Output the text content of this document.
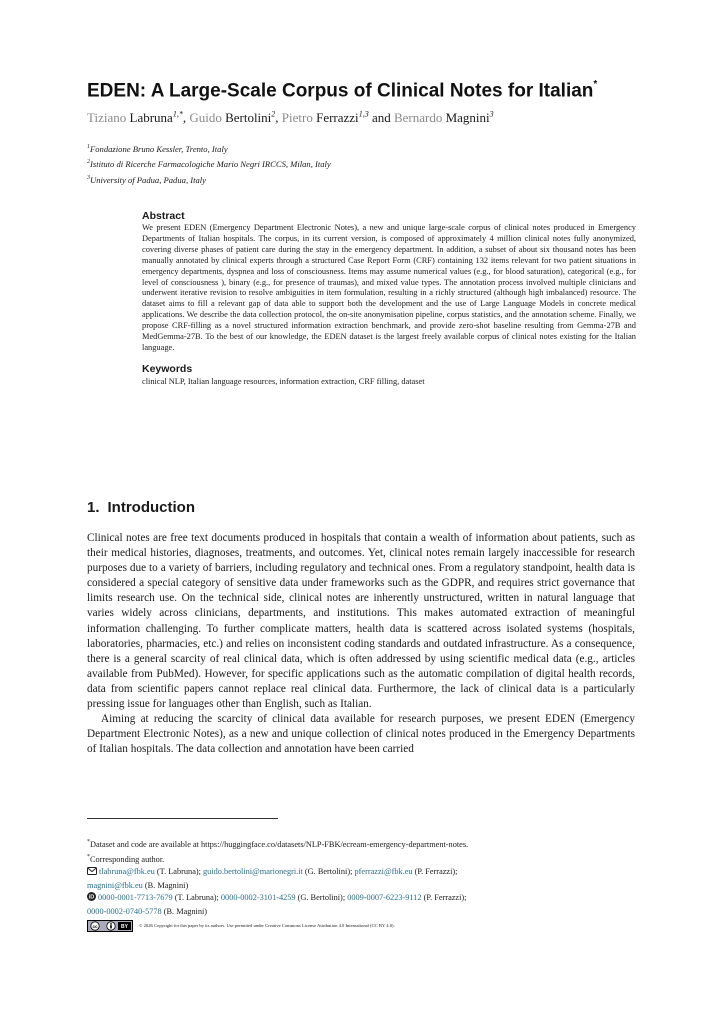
EDEN: A Large-Scale Corpus of Clinical Notes for Italian*
Tiziano Labruna$^{1,*}$, Guido Bertolini$^2$, Pietro Ferrazzi$^{1,3}$ and Bernardo Magnini$^3$
$^1$Fondazione Bruno Kessler, Trento, Italy
$^2$Istituto di Ricerche Farmacologiche Mario Negri IRCCS, Milan, Italy
$^3$University of Padua, Padua, Italy
Abstract
We present EDEN (Emergency Department Electronic Notes), a new and unique large-scale corpus of clinical notes produced in Emergency Departments of Italian hospitals. The corpus, in its current version, is composed of approximately 4 million clinical notes fully anonymized, covering diverse phases of patient care during the stay in the emergency department. In addition, a subset of about six thousand notes has been manually annotated by clinical experts through a structured Case Report Form (CRF) containing 132 items relevant for two patient situations in emergency departments, dyspnea and loss of consciousness. Items may assume numerical values (e.g., for blood saturation), categorical (e.g., for level of consciousness ), binary (e.g., for presence of traumas), and mixed value types. The annotation process involved multiple clinicians and underwent iterative revision to resolve ambiguities in item formulation, resulting in a richly structured (although high imbalanced) resource. The dataset aims to fill a relevant gap of data able to support both the development and the use of Large Language Models in concrete medical applications. We describe the data collection protocol, the on-site anonymisation pipeline, corpus statistics, and the annotation scheme. Finally, we propose CRF-filling as a novel structured information extraction benchmark, and provide zero-shot baseline resulting from Gemma-27B and MedGemma-27B. To the best of our knowledge, the EDEN dataset is the largest freely available corpus of clinical notes existing for the Italian language.
Keywords
clinical NLP, Italian language resources, information extraction, CRF filling, dataset
1. Introduction

Clinical notes are free text documents produced in hospitals that contain a wealth of information about patients, such as their medical histories, diagnoses, treatments, and outcomes. Yet, clinical notes remain largely inaccessible for research purposes due to a variety of barriers, including regulatory and technical ones. From a regulatory standpoint, health data is considered a special category of sensitive data under frameworks such as the GDPR, and requires strict governance that limits research use. On the technical side, clinical notes are inherently unstructured, written in natural language that varies widely across clinicians, departments, and institutions. This makes automated extraction of meaningful information challenging. To further complicate matters, health data is scattered across isolated systems (hospitals, laboratories, pharmacies, etc.) and relies on inconsistent coding standards and outdated infrastructure. As a consequence, there is a general scarcity of real clinical data, which is often addressed by using scientific medical data (e.g., articles available from PubMed). However, for specific applications such as the automatic compilation of digital health records, data from scientific papers cannot replace real clinical data. Furthermore, the lack of clinical data is a particularly pressing issue for languages other than English, such as Italian.

Aiming at reducing the scarcity of clinical data available for research purposes, we present EDEN (Emergency Department Electronic Notes), as a new and unique collection of clinical notes produced in the Emergency Departments of Italian hospitals. The data collection and annotation have been carried

*Dataset and code are available at https://huggingface.co/datasets/NLP-FBK/ecream-emergency-department-notes.
*Corresponding author.
tlabruna@fbk.eu (T. Labruna); guido.bertolini@marionegri.it (G. Bertolini); pferrazzi@fbk.eu (P. Ferrazzi);
magnini@fbk.eu (B. Magnini)
iD 0000-0001-7713-7679 (T. Labruna); 0000-0002-3101-4259 (G. Bertolini); 0009-0007-6223-9112 (P. Ferrazzi);
0000-0002-0740-5778 (B. Magnini)
cc	BY © 2026 Copyright for this paper by its authors. Use permitted under Creative Commons License Attribution 4.0 International (CC BY 4.0).
